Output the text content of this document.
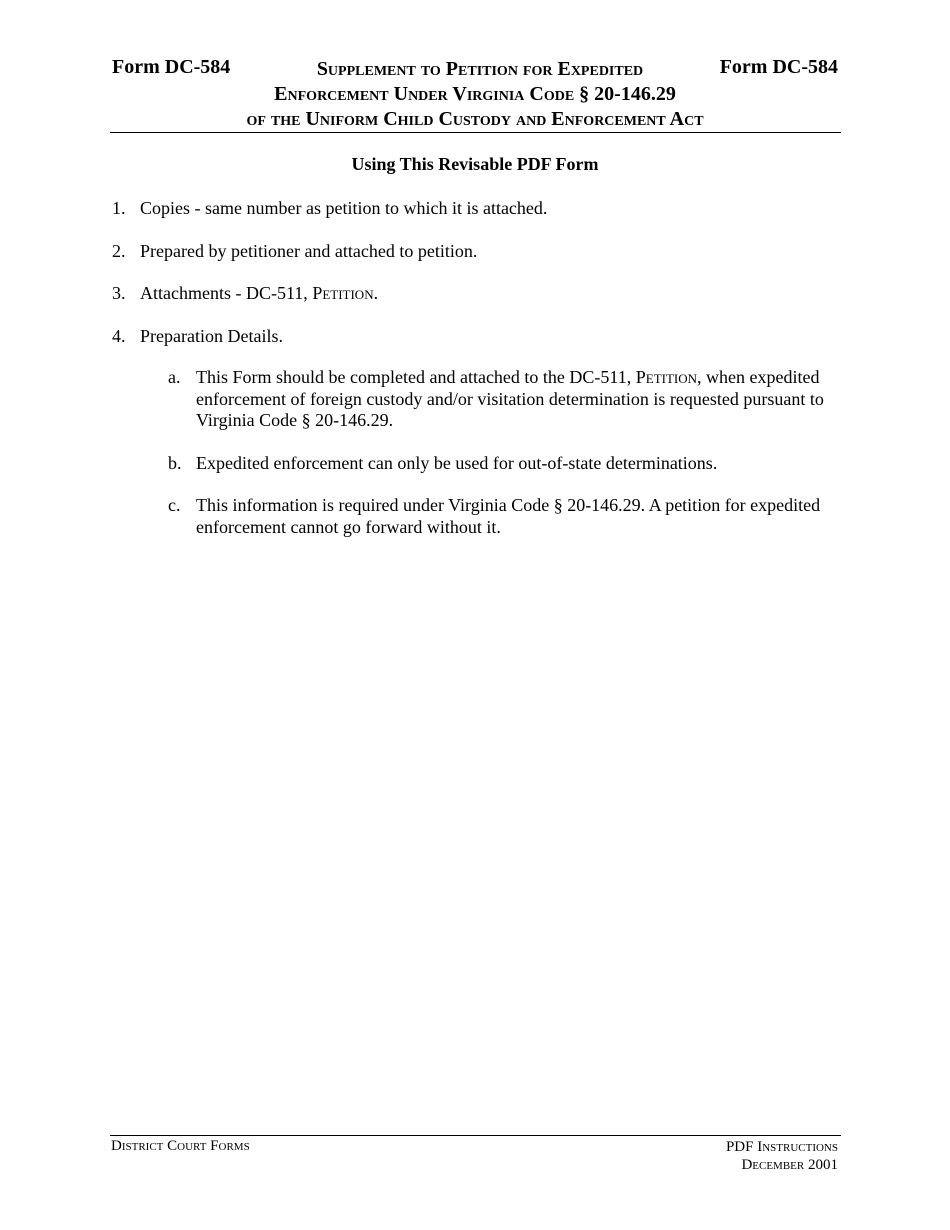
Form DC-584	Form DC-584
Supplement to Petition for Expedited
Enforcement Under Virginia Code § 20-146.29
of the Uniform Child Custody and Enforcement Act
Using This Revisable PDF Form
1. Copies - same number as petition to which it is attached.
2. Prepared by petitioner and attached to petition.
3. Attachments - DC-511, Petition.
4. Preparation Details.
a. This Form should be completed and attached to the DC-511, Petition, when expedited enforcement of foreign custody and/or visitation determination is requested pursuant to Virginia Code § 20-146.29.
b. Expedited enforcement can only be used for out-of-state determinations.
c. This information is required under Virginia Code § 20-146.29. A petition for expedited enforcement cannot go forward without it.
District Court Forms	PDF Instructions
December 2001
